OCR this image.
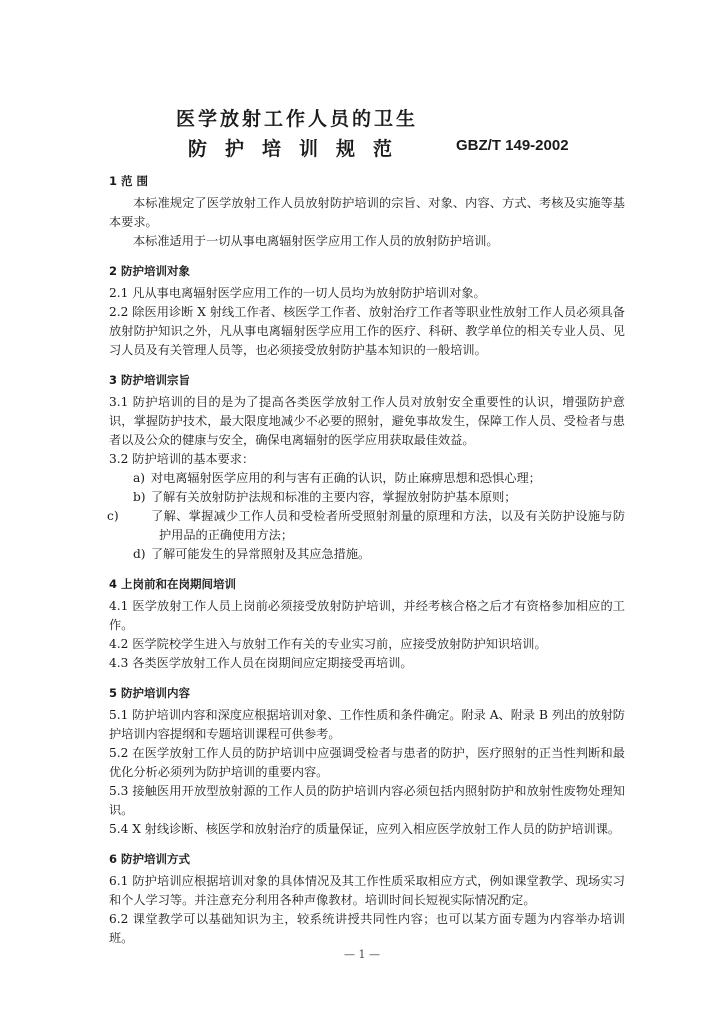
医学放射工作人员的卫生
防护培训规范	GBZ/T 149-2002
1 范 围

本标准规定了医学放射工作人员放射防护培训的宗旨、对象、内容、方式、考核及实施等基本要求。

本标准适用于一切从事电离辐射医学应用工作人员的放射防护培训。

2 防护培训对象

2.1 凡从事电离辐射医学应用工作的一切人员均为放射防护培训对象。

2.2 除医用诊断 X 射线工作者、核医学工作者、放射治疗工作者等职业性放射工作人员必须具备放射防护知识之外，凡从事电离辐射医学应用工作的医疗、科研、教学单位的相关专业人员、见习人员及有关管理人员等，也必须接受放射防护基本知识的一般培训。

3 防护培训宗旨

3.1 防护培训的目的是为了提高各类医学放射工作人员对放射安全重要性的认识，增强防护意识，掌握防护技术，最大限度地减少不必要的照射，避免事故发生，保障工作人员、受检者与患者以及公众的健康与安全，确保电离辐射的医学应用获取最佳效益。

3.2 防护培训的基本要求：

a) 对电离辐射医学应用的利与害有正确的认识，防止麻痹思想和恐惧心理；

b) 了解有关放射防护法规和标准的主要内容，掌握放射防护基本原则；

c)	了解、掌握减少工作人员和受检者所受照射剂量的原理和方法，以及有关防护设施与防护用品的正确使用方法；

d) 了解可能发生的异常照射及其应急措施。

4 上岗前和在岗期间培训

4.1 医学放射工作人员上岗前必须接受放射防护培训，并经考核合格之后才有资格参加相应的工作。

4.2 医学院校学生进入与放射工作有关的专业实习前，应接受放射防护知识培训。

4.3 各类医学放射工作人员在岗期间应定期接受再培训。

5 防护培训内容

5.1 防护培训内容和深度应根据培训对象、工作性质和条件确定。附录 A、附录 B 列出的放射防护培训内容提纲和专题培训课程可供参考。

5.2 在医学放射工作人员的防护培训中应强调受检者与患者的防护，医疗照射的正当性判断和最优化分析必须列为防护培训的重要内容。

5.3 接触医用开放型放射源的工作人员的防护培训内容必须包括内照射防护和放射性废物处理知识。

5.4 X 射线诊断、核医学和放射治疗的质量保证，应列入相应医学放射工作人员的防护培训课。

6 防护培训方式

6.1 防护培训应根据培训对象的具体情况及其工作性质采取相应方式，例如课堂教学、现场实习和个人学习等。并注意充分利用各种声像教材。培训时间长短视实际情况酌定。

6.2 课堂教学可以基础知识为主，较系统讲授共同性内容；也可以某方面专题为内容举办培训班。

— 1 —
